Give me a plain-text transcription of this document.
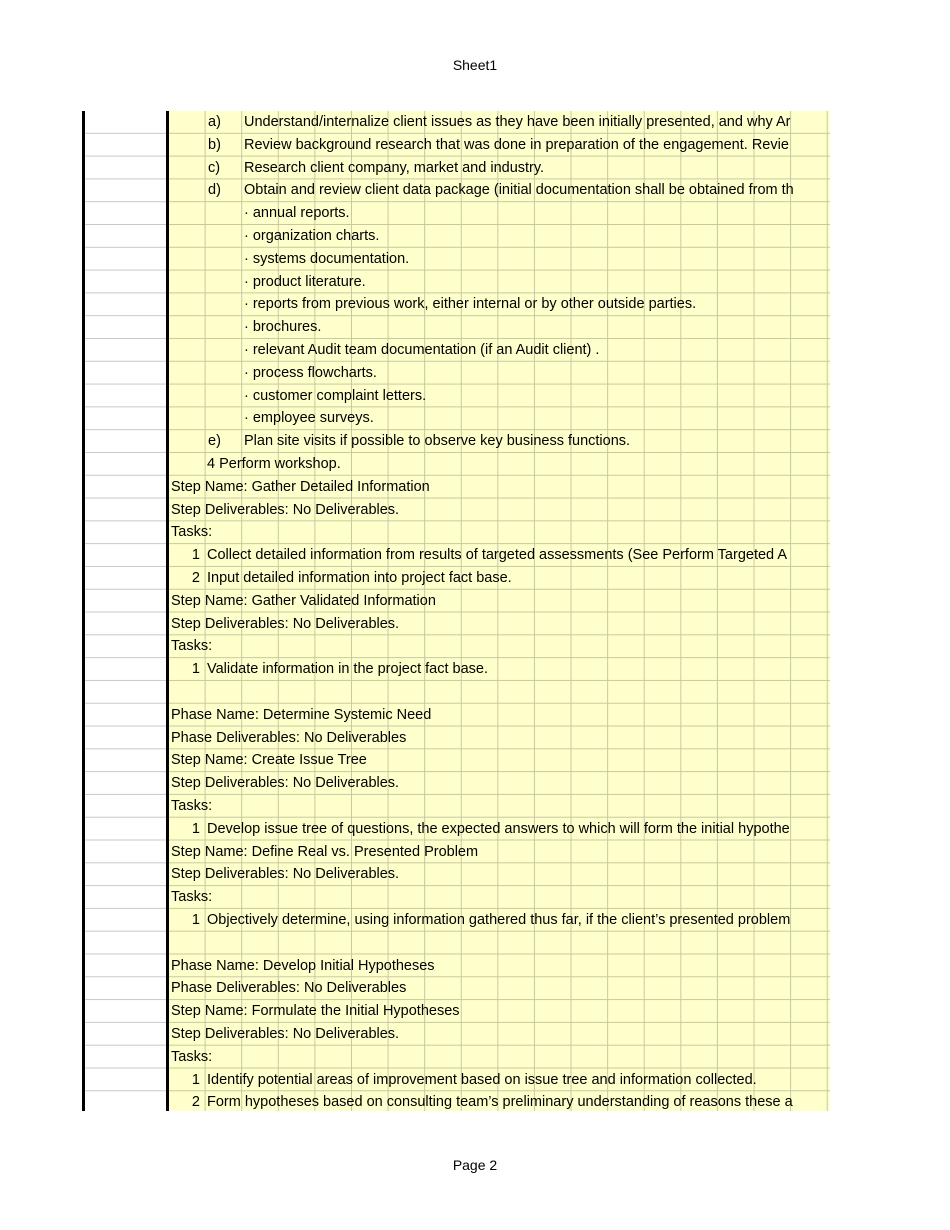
Sheet1
a) Understand/internalize client issues as they have been initially presented, and why Ar
b) Review background research that was done in preparation of the engagement. Revie
c) Research client company, market and industry.
d) Obtain and review client data package (initial documentation shall be obtained from th
· annual reports.
· organization charts.
· systems documentation.
· product literature.
· reports from previous work, either internal or by other outside parties.
· brochures.
· relevant Audit team documentation (if an Audit client) .
· process flowcharts.
· customer complaint letters.
· employee surveys.
e) Plan site visits if possible to observe key business functions.
4 Perform workshop.
Step Name: Gather Detailed Information
Step Deliverables: No Deliverables.
Tasks:
1 Collect detailed information from results of targeted assessments (See Perform Targeted A
2 Input detailed information into project fact base.
Step Name: Gather Validated Information
Step Deliverables: No Deliverables.
Tasks:
1 Validate information in the project fact base.
Phase Name: Determine Systemic Need
Phase Deliverables: No Deliverables
Step Name: Create Issue Tree
Step Deliverables: No Deliverables.
Tasks:
1 Develop issue tree of questions, the expected answers to which will form the initial hypothe
Step Name: Define Real vs. Presented Problem
Step Deliverables: No Deliverables.
Tasks:
1 Objectively determine, using information gathered thus far, if the client’s presented problem
Phase Name: Develop Initial Hypotheses
Phase Deliverables: No Deliverables
Step Name: Formulate the Initial Hypotheses
Step Deliverables: No Deliverables.
Tasks:
1 Identify potential areas of improvement based on issue tree and information collected.
2 Form hypotheses based on consulting team’s preliminary understanding of reasons these a
Page 2
